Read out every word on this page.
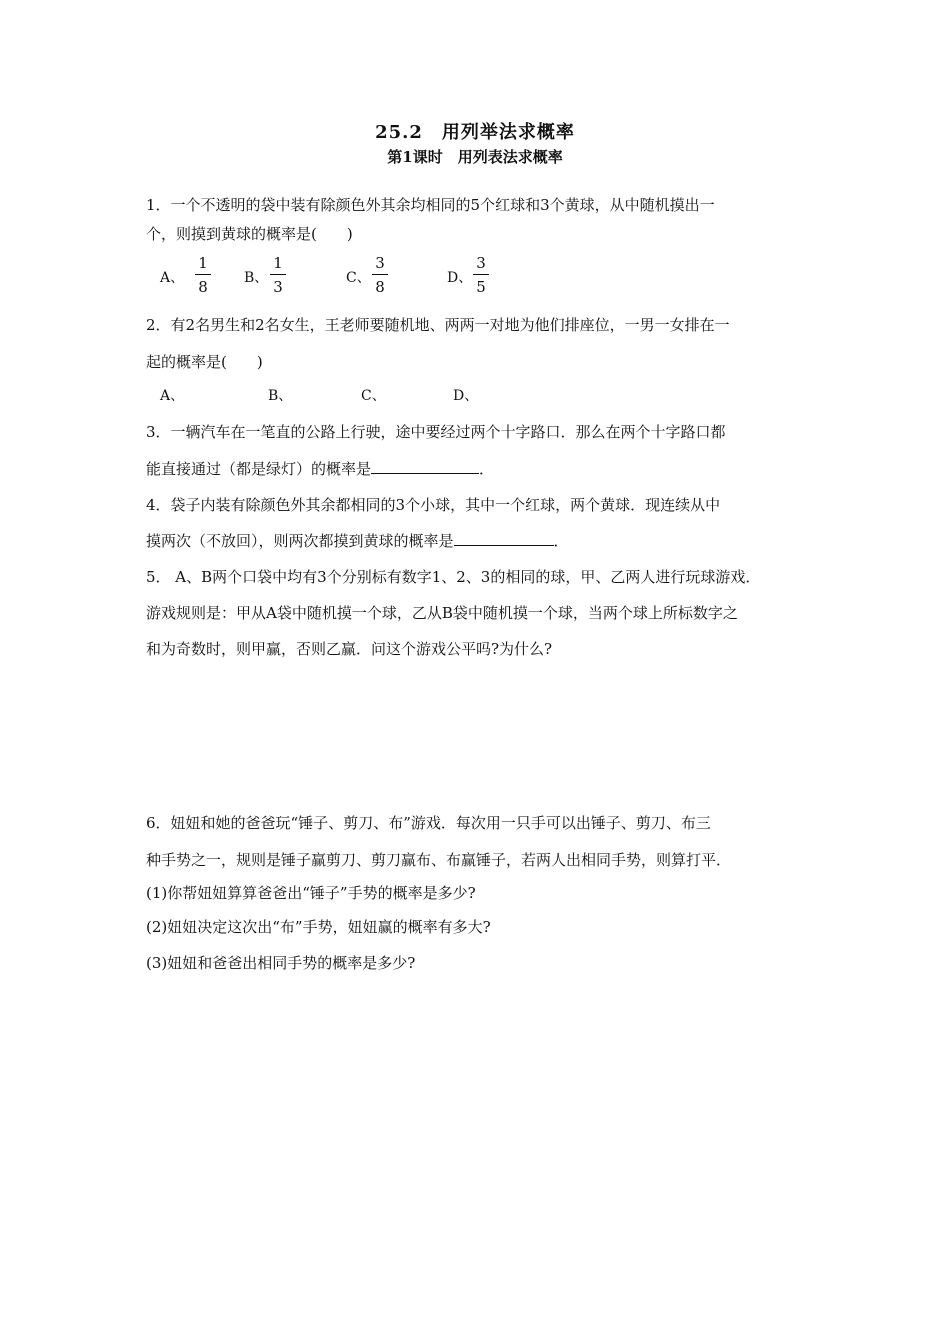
25.2　用列举法求概率
第1课时　用列表法求概率
1．一个不透明的袋中装有除颜色外其余均相同的5个红球和3个黄球，从中随机摸出一
个，则摸到黄球的概率是(　　)
A、
1
8	B、
1
3	C、
3
8	D、
3
5
2．有2名男生和2名女生，王老师要随机地、两两一对地为他们排座位，一男一女排在一
起的概率是(　　)
A、	B、	C、	D、
3．一辆汽车在一笔直的公路上行驶，途中要经过两个十字路口．那么在两个十字路口都
能直接通过（都是绿灯）的概率是	．
4．袋子内装有除颜色外其余都相同的3个小球，其中一个红球，两个黄球．现连续从中
摸两次（不放回），则两次都摸到黄球的概率是	．
5． A、B两个口袋中均有3个分别标有数字1、2、3的相同的球，甲、乙两人进行玩球游戏．
游戏规则是：甲从A袋中随机摸一个球，乙从B袋中随机摸一个球，当两个球上所标数字之
和为奇数时，则甲赢，否则乙赢．问这个游戏公平吗?为什么?
6．妞妞和她的爸爸玩“锤子、剪刀、布”游戏．每次用一只手可以出锤子、剪刀、布三
种手势之一，规则是锤子赢剪刀、剪刀赢布、布赢锤子，若两人出相同手势，则算打平．
(1)你帮妞妞算算爸爸出“锤子”手势的概率是多少?
(2)妞妞决定这次出“布”手势，妞妞赢的概率有多大?
(3)妞妞和爸爸出相同手势的概率是多少?
